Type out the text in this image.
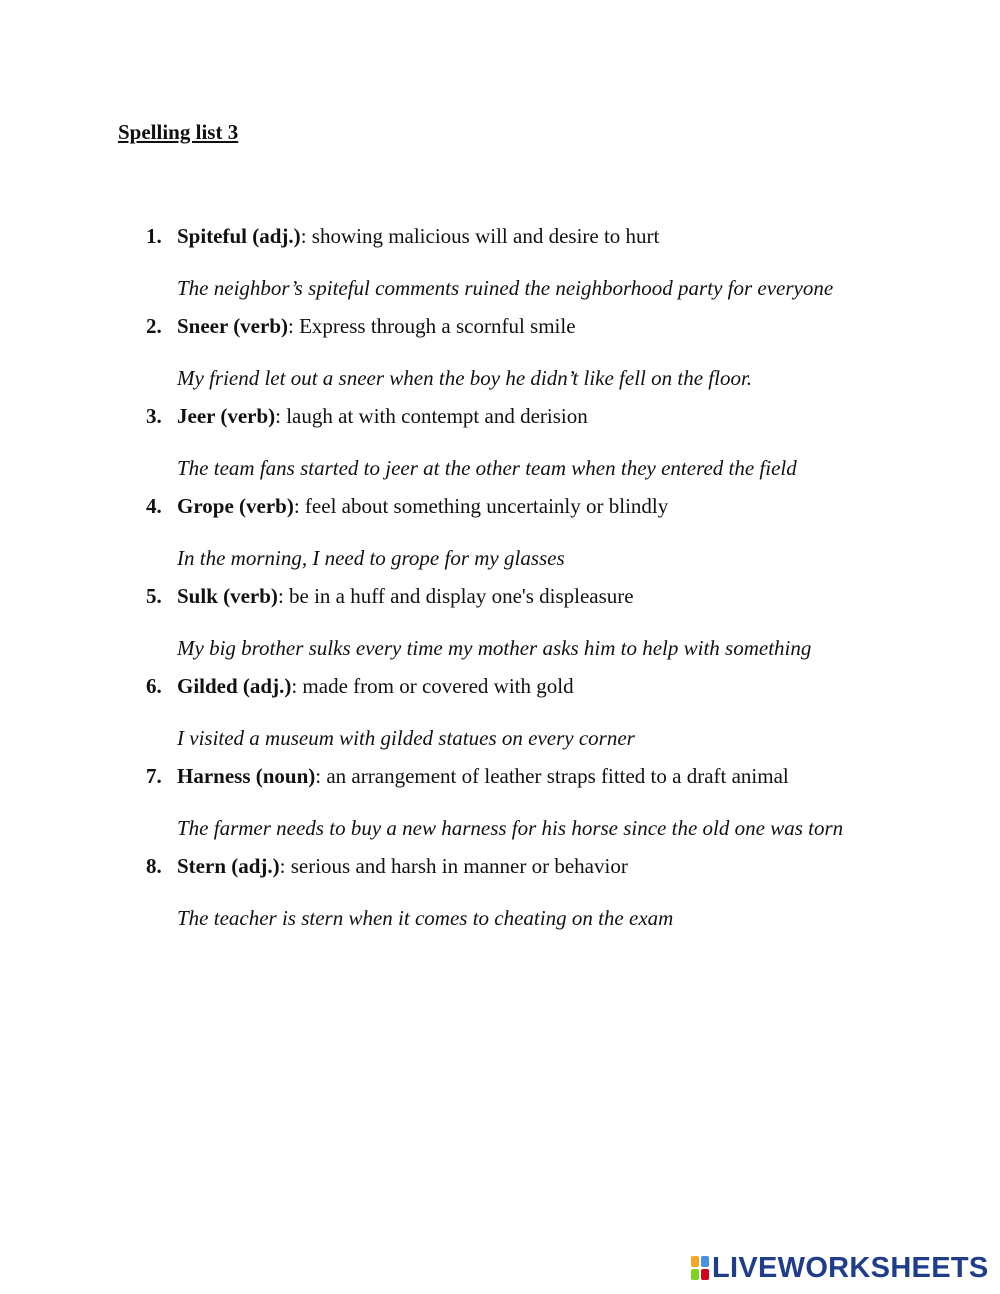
Spelling list 3
1. Spiteful (adj.): showing malicious will and desire to hurt
The neighbor’s spiteful comments ruined the neighborhood party for everyone
2. Sneer (verb): Express through a scornful smile
My friend let out a sneer when the boy he didn’t like fell on the floor.
3. Jeer (verb): laugh at with contempt and derision
The team fans started to jeer at the other team when they entered the field
4. Grope (verb): feel about something uncertainly or blindly
In the morning, I need to grope for my glasses
5. Sulk (verb): be in a huff and display one's displeasure
My big brother sulks every time my mother asks him to help with something
6. Gilded (adj.): made from or covered with gold
I visited a museum with gilded statues on every corner
7. Harness (noun): an arrangement of leather straps fitted to a draft animal
The farmer needs to buy a new harness for his horse since the old one was torn
8. Stern (adj.): serious and harsh in manner or behavior
The teacher is stern when it comes to cheating on the exam
LIVEWORKSHEETS
